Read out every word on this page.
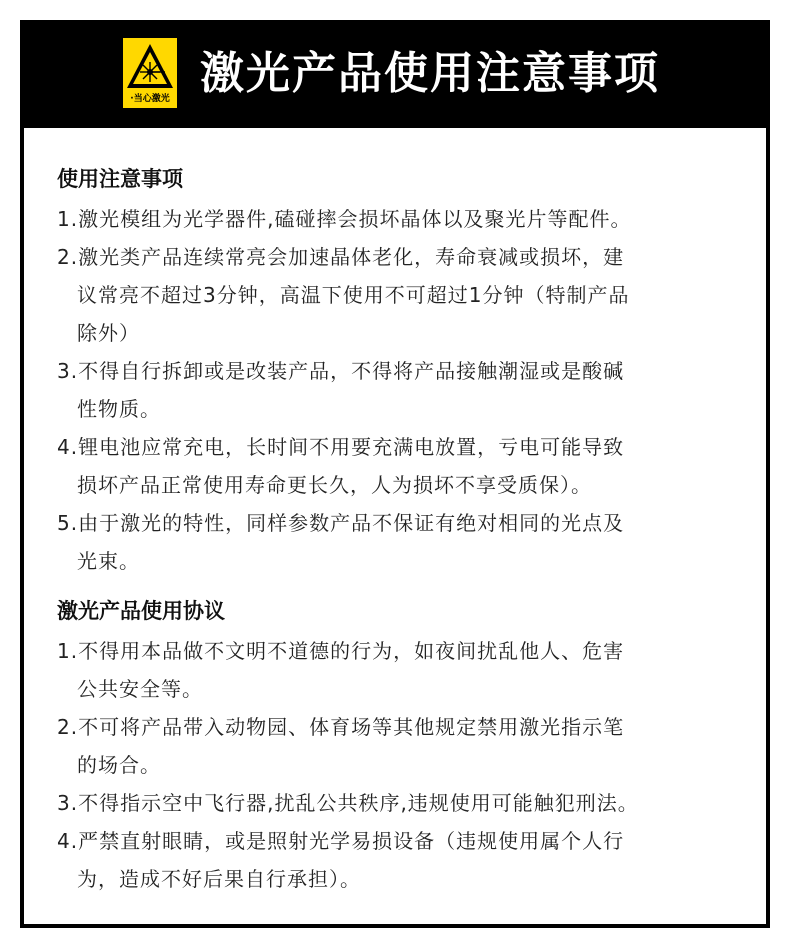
·当心激光 激光产品使用注意事项
使用注意事项
1.激光模组为光学器件,磕碰摔会损坏晶体以及聚光片等配件。
2.激光类产品连续常亮会加速晶体老化，寿命衰减或损坏，建
议常亮不超过3分钟，高温下使用不可超过1分钟（特制产品
除外）
3.不得自行拆卸或是改装产品，不得将产品接触潮湿或是酸碱
性物质。
4.锂电池应常充电，长时间不用要充满电放置，亏电可能导致
损坏产品正常使用寿命更长久，人为损坏不享受质保）。
5.由于激光的特性，同样参数产品不保证有绝对相同的光点及
光束。
激光产品使用协议
1.不得用本品做不文明不道德的行为，如夜间扰乱他人、危害
公共安全等。
2.不可将产品带入动物园、体育场等其他规定禁用激光指示笔
的场合。
3.不得指示空中飞行器,扰乱公共秩序,违规使用可能触犯刑法。
4.严禁直射眼睛，或是照射光学易损设备（违规使用属个人行
为，造成不好后果自行承担）。
